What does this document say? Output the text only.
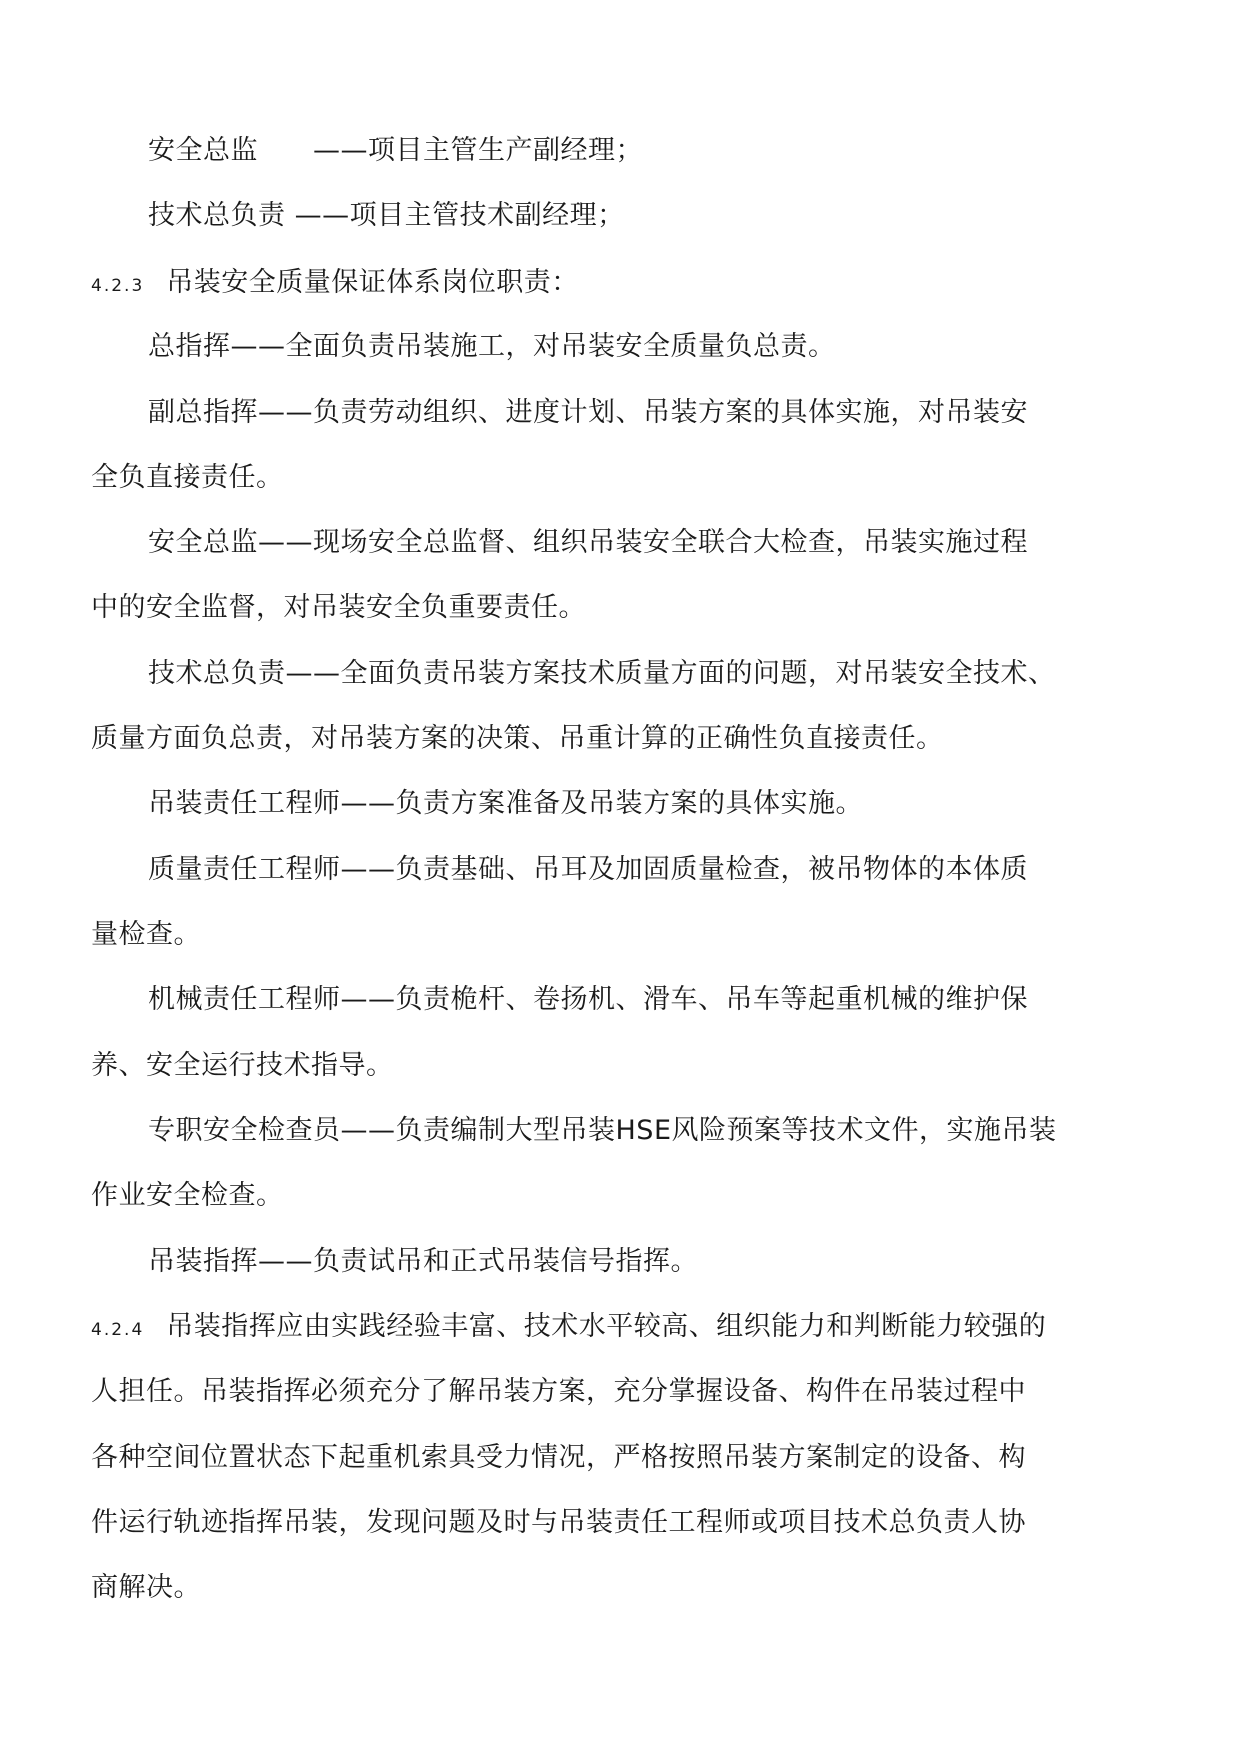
安全总监　　——项目主管生产副经理；
技术总负责 ——项目主管技术副经理；
4.2.3 吊装安全质量保证体系岗位职责：
总指挥——全面负责吊装施工，对吊装安全质量负总责。
副总指挥——负责劳动组织、进度计划、吊装方案的具体实施，对吊装安
全负直接责任。
安全总监——现场安全总监督、组织吊装安全联合大检查，吊装实施过程
中的安全监督，对吊装安全负重要责任。
技术总负责——全面负责吊装方案技术质量方面的问题，对吊装安全技术、
质量方面负总责，对吊装方案的决策、吊重计算的正确性负直接责任。
吊装责任工程师——负责方案准备及吊装方案的具体实施。
质量责任工程师——负责基础、吊耳及加固质量检查，被吊物体的本体质
量检查。
机械责任工程师——负责桅杆、卷扬机、滑车、吊车等起重机械的维护保
养、安全运行技术指导。
专职安全检查员——负责编制大型吊装HSE风险预案等技术文件，实施吊装
作业安全检查。
吊装指挥——负责试吊和正式吊装信号指挥。
4.2.4 吊装指挥应由实践经验丰富、技术水平较高、组织能力和判断能力较强的
人担任。吊装指挥必须充分了解吊装方案，充分掌握设备、构件在吊装过程中
各种空间位置状态下起重机索具受力情况，严格按照吊装方案制定的设备、构
件运行轨迹指挥吊装，发现问题及时与吊装责任工程师或项目技术总负责人协
商解决。
